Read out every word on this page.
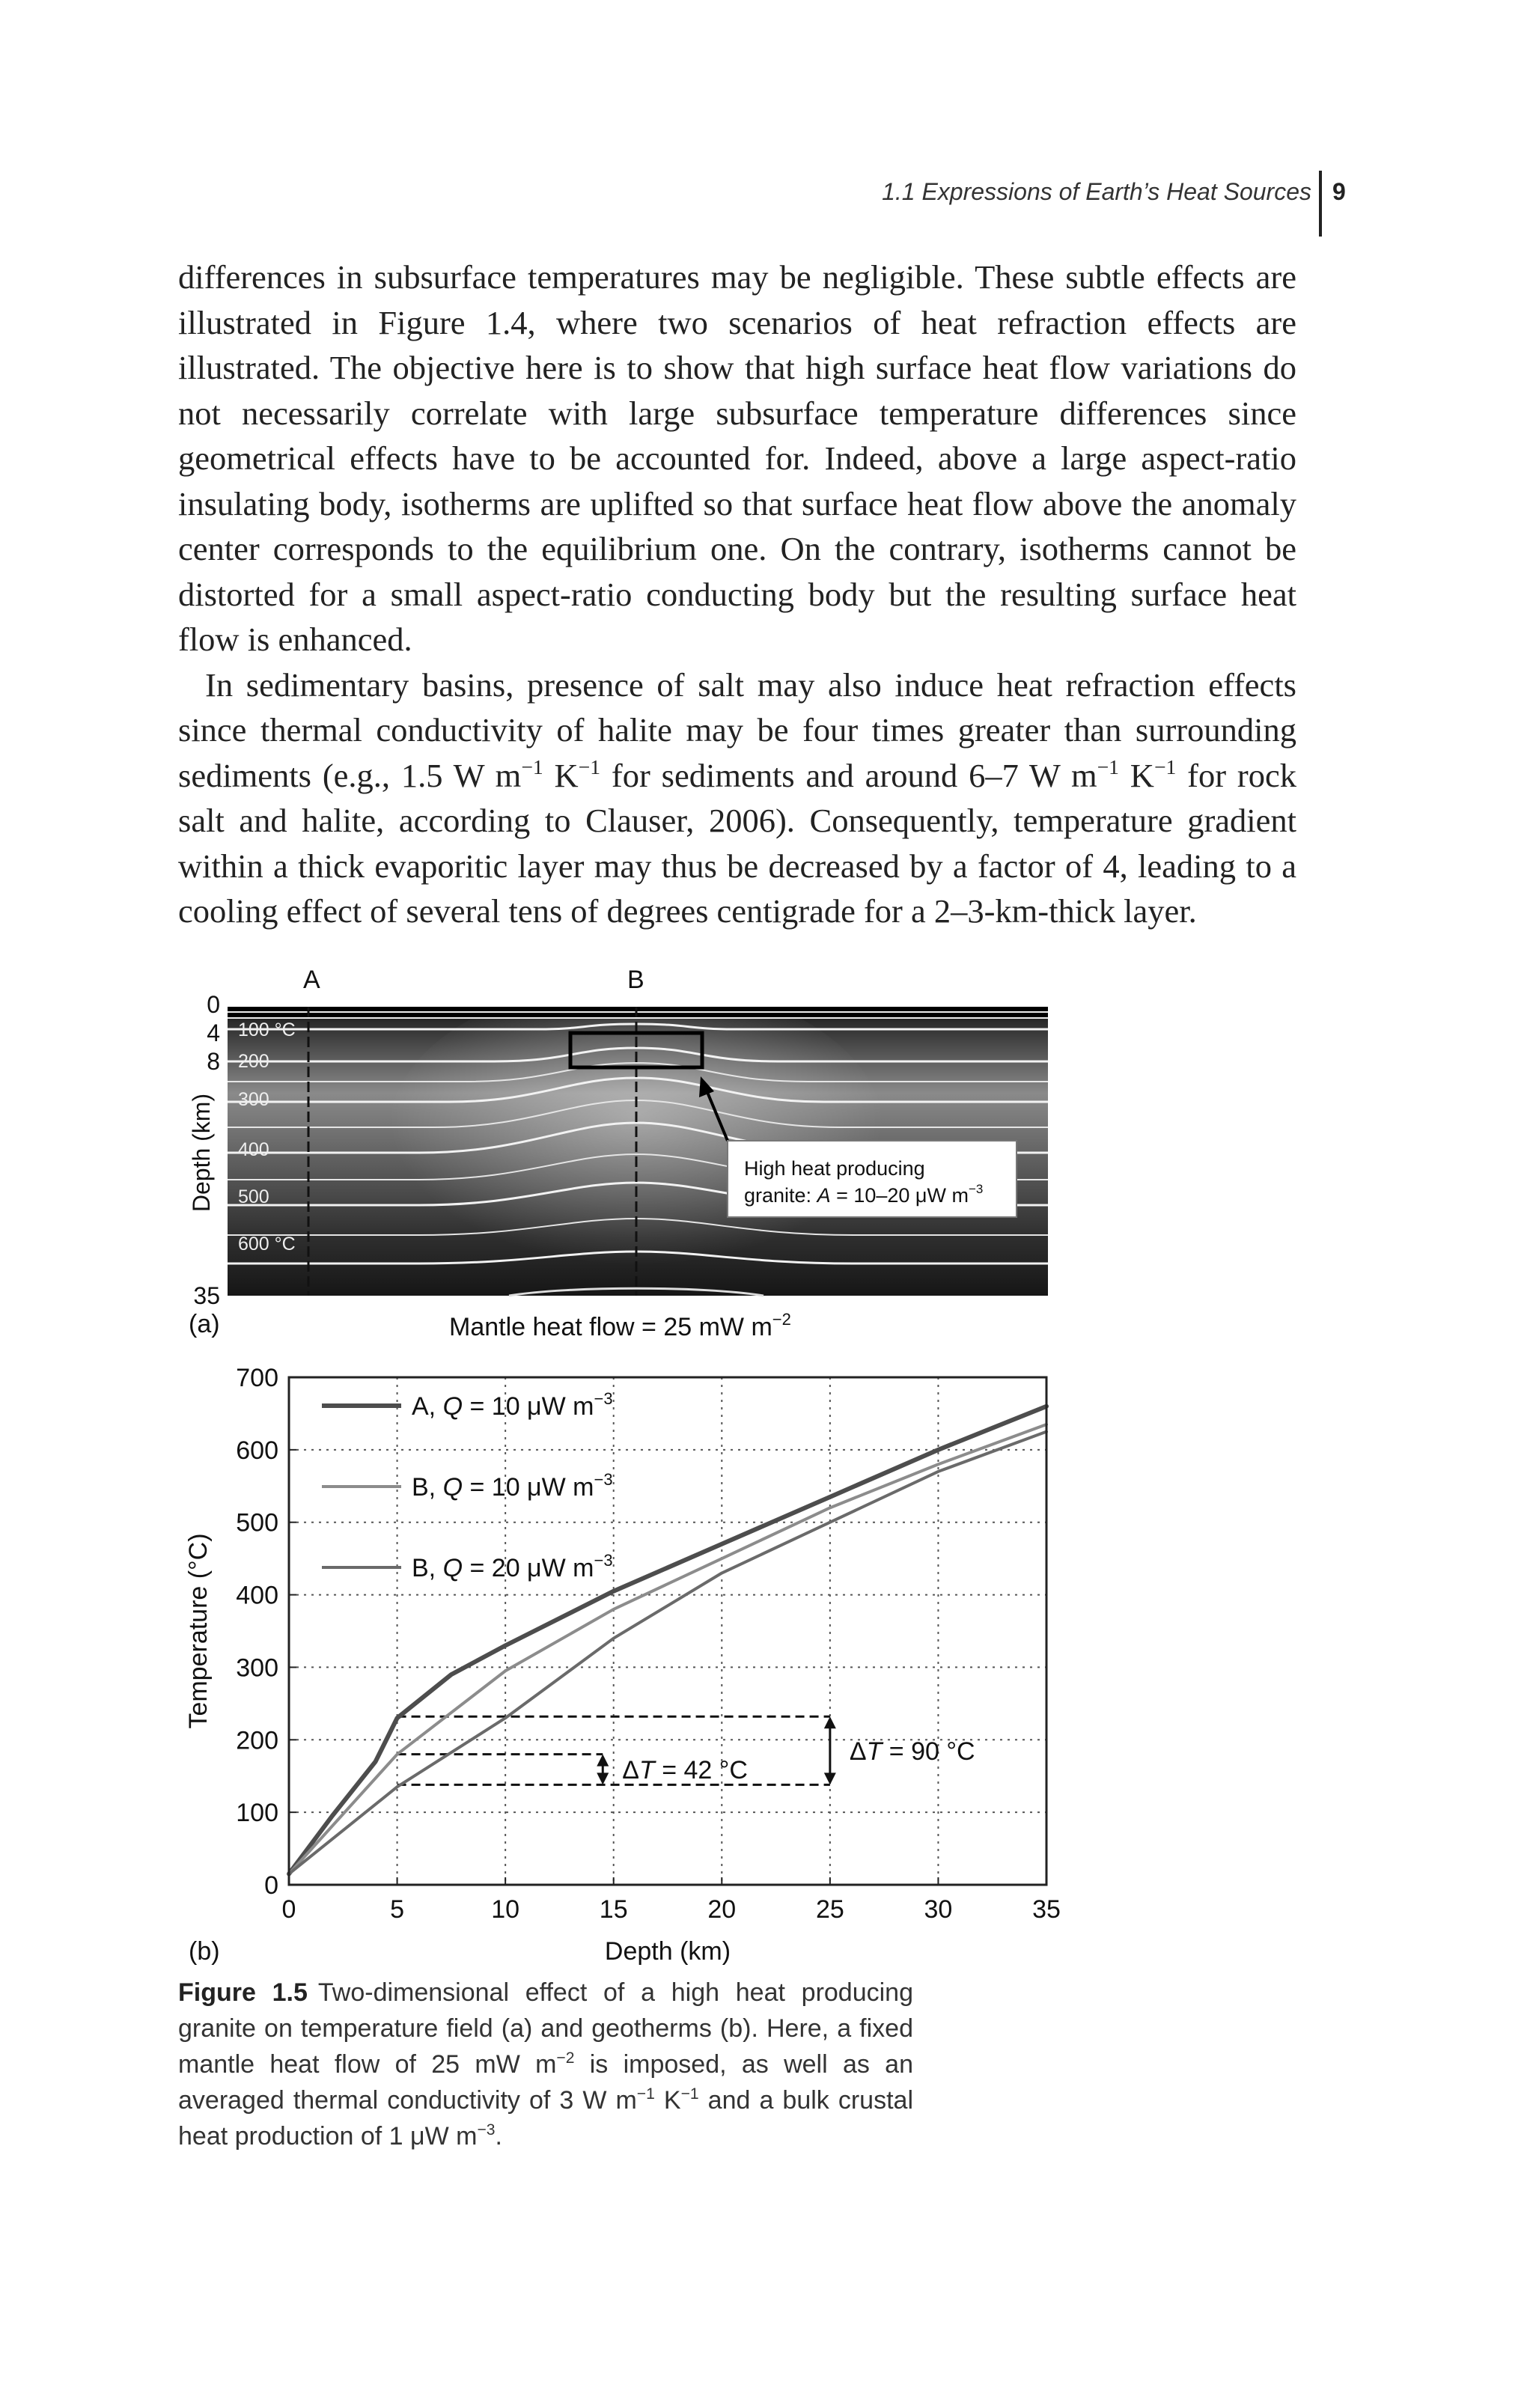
1.1 Expressions of Earth’s Heat Sources 9

differences in subsurface temperatures may be negligible. These subtle effects are illustrated in Figure 1.4, where two scenarios of heat refraction effects are illustrated. The objective here is to show that high surface heat flow variations do not necessarily correlate with large subsurface temperature differences since geometrical effects have to be accounted for. Indeed, above a large aspect-ratio insulating body, isotherms are uplifted so that surface heat flow above the anomaly center corresponds to the equilibrium one. On the contrary, isotherms cannot be distorted for a small aspect-ratio conducting body but the resulting surface heat flow is enhanced.

In sedimentary basins, presence of salt may also induce heat refraction effects since thermal conductivity of halite may be four times greater than surrounding sediments (e.g., 1.5 W $m^{-1}$ $K^{-1}$ for sediments and around 6–7 W $m^{-1}$ $K^{-1}$ for rock salt and halite, according to Clauser, 2006). Consequently, temperature gradient within a thick evaporitic layer may thus be decreased by a factor of 4, leading to a cooling effect of several tens of degrees centigrade for a 2–3-km-thick layer.

High heat producing
granite: A = 10–20 μW $m^{-3}$
100 °C
200
300
400
500
600 °C
A	B
0
4
8
35
Depth (km)
(a)	Mantle heat flow = 25 mW $m^{-2}$
0	5	10	15	20	25	30	35
0
100
200
300
400
500
600
700
ΔT = 42 °C
ΔT = 90 °C
A, Q = 10 μW $m^{-3}$
B, Q = 10 μW $m^{-3}$
B, Q = 20 μW $m^{-3}$
Depth (km)
Temperature (°C)
(b)
Figure 1.5 Two-dimensional effect of a high heat producing granite on temperature field (a) and geotherms (b). Here, a fixed mantle heat flow of 25 mW $m^{-2}$ is imposed, as well as an averaged thermal conductivity of 3 W $m^{-1}$ $K^{-1}$ and a bulk crustal heat production of 1 μW $m^{-3}$.
